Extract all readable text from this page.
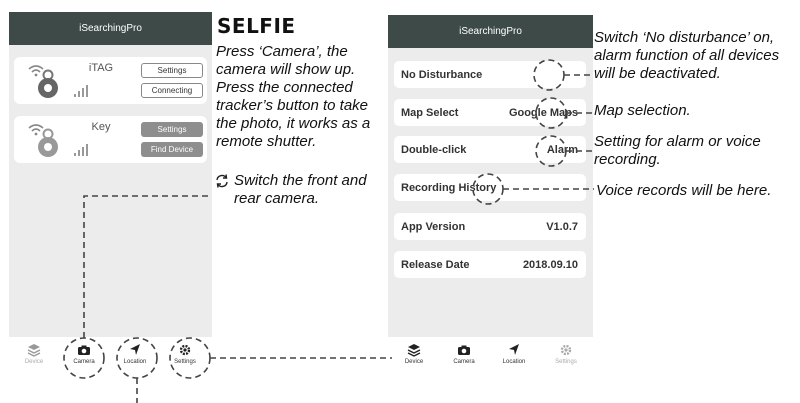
iSearchingPro
iTAG	Settings
Connecting
Key	Settings
Find Device
Device	Camera	Location	Settings
iSearchingPro
No Disturbance
Map Select	Google Maps
Double-click	Alarm
Recording History
App Version	V1.0.7
Release Date	2018.09.10
Device	Camera	Location	Settings
SELFIE
Press ‘Camera’, the camera will show up. Press the connected tracker’s button to take the photo, it works as a remote shutter.
Switch the front and rear camera.
Switch ‘No disturbance’ on, alarm function of all devices will be deactivated.
Map selection.
Setting for alarm or voice recording.
Voice records will be here.
